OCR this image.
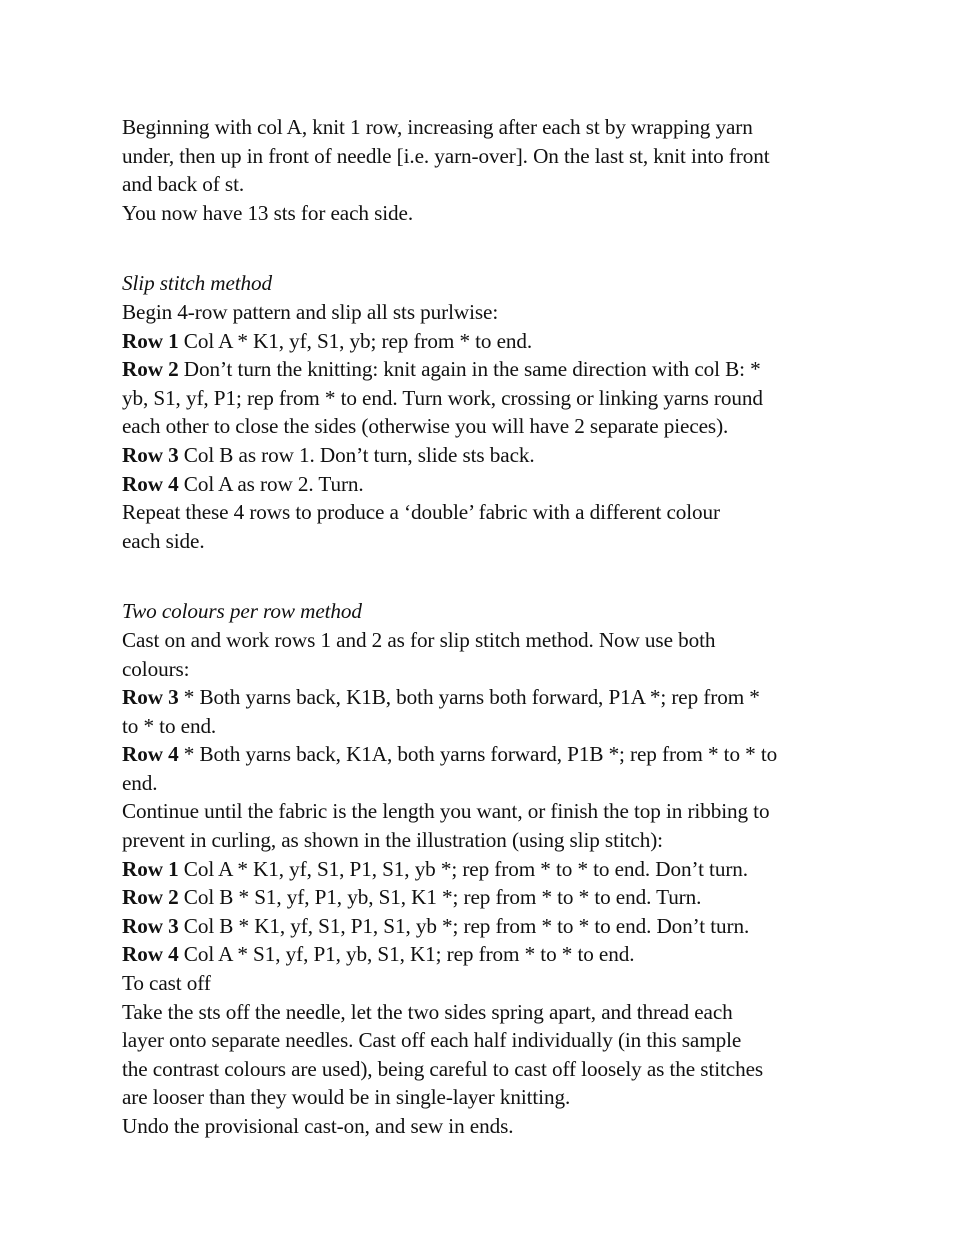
Beginning with col A, knit 1 row, increasing after each st by wrapping yarn
under, then up in front of needle [i.e. yarn-over]. On the last st, knit into front
and back of st.
You now have 13 sts for each side.
Slip stitch method
Begin 4-row pattern and slip all sts purlwise:
Row 1 Col A * K1, yf, S1, yb; rep from * to end.
Row 2 Don’t turn the knitting: knit again in the same direction with col B: *
yb, S1, yf, P1; rep from * to end. Turn work, crossing or linking yarns round
each other to close the sides (otherwise you will have 2 separate pieces).
Row 3 Col B as row 1. Don’t turn, slide sts back.
Row 4 Col A as row 2. Turn.
Repeat these 4 rows to produce a ‘double’ fabric with a different colour
each side.
Two colours per row method
Cast on and work rows 1 and 2 as for slip stitch method. Now use both
colours:
Row 3 * Both yarns back, K1B, both yarns both forward, P1A *; rep from *
to * to end.
Row 4 * Both yarns back, K1A, both yarns forward, P1B *; rep from * to * to
end.
Continue until the fabric is the length you want, or finish the top in ribbing to
prevent in curling, as shown in the illustration (using slip stitch):
Row 1 Col A * K1, yf, S1, P1, S1, yb *; rep from * to * to end. Don’t turn.
Row 2 Col B * S1, yf, P1, yb, S1, K1 *; rep from * to * to end. Turn.
Row 3 Col B * K1, yf, S1, P1, S1, yb *; rep from * to * to end. Don’t turn.
Row 4 Col A * S1, yf, P1, yb, S1, K1; rep from * to * to end.
To cast off
Take the sts off the needle, let the two sides spring apart, and thread each
layer onto separate needles. Cast off each half individually (in this sample
the contrast colours are used), being careful to cast off loosely as the stitches
are looser than they would be in single-layer knitting.
Undo the provisional cast-on, and sew in ends.
